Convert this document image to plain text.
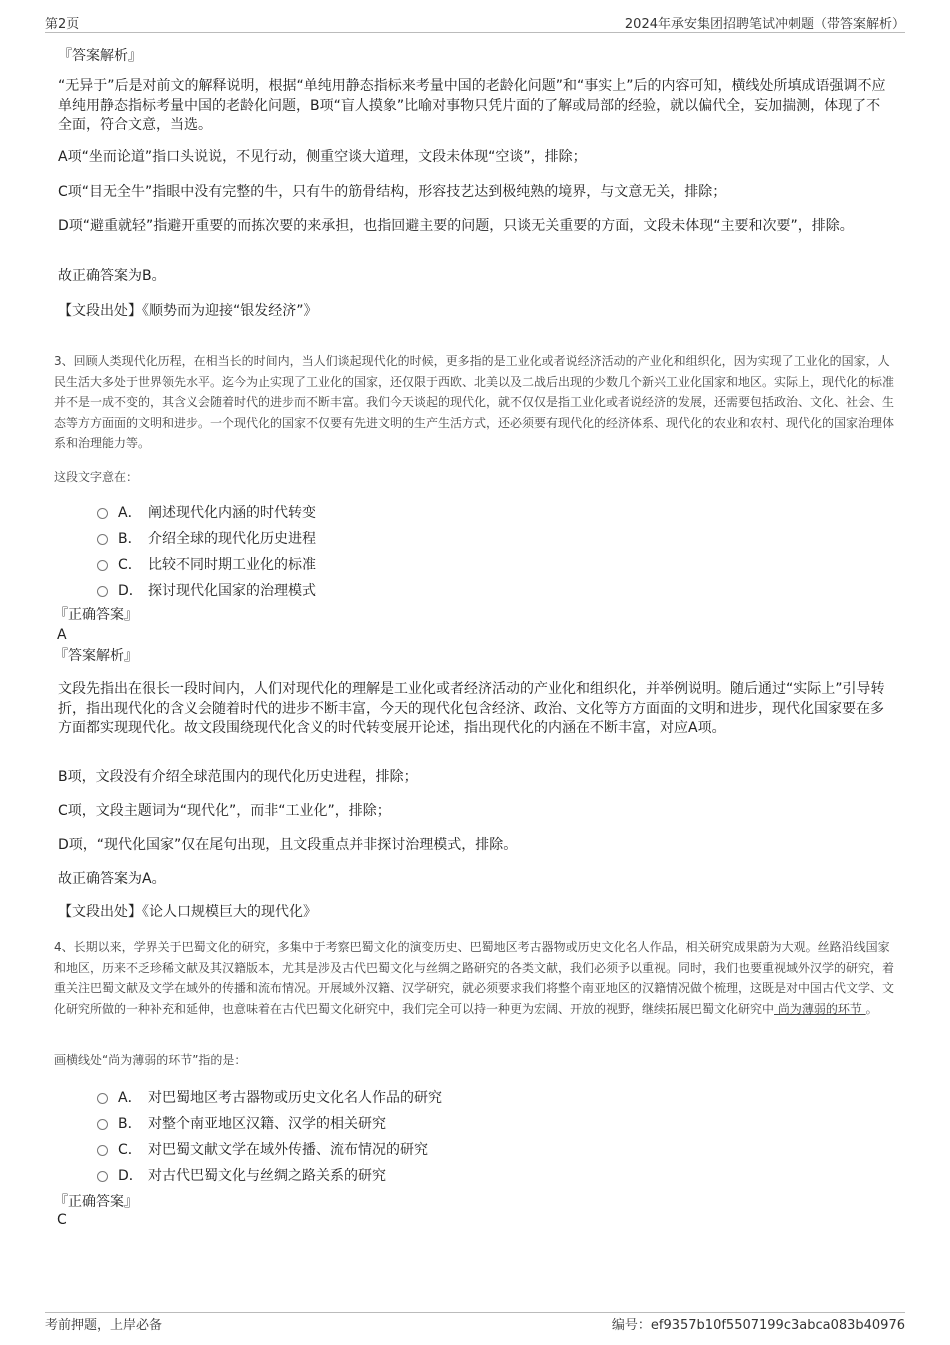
第2页	2024年承安集团招聘笔试冲刺题（带答案解析）
『答案解析』
“无异于”后是对前文的解释说明，根据“单纯用静态指标来考量中国的老龄化问题”和“事实上”后的内容可知，横线处所填成语强调不应单纯用静态指标考量中国的老龄化问题，B项“盲人摸象”比喻对事物只凭片面的了解或局部的经验，就以偏代全，妄加揣测，体现了不全面，符合文意，当选。
A项“坐而论道”指口头说说，不见行动，侧重空谈大道理，文段未体现“空谈”，排除；
C项“目无全牛”指眼中没有完整的牛，只有牛的筋骨结构，形容技艺达到极纯熟的境界，与文意无关，排除；
D项“避重就轻”指避开重要的而拣次要的来承担，也指回避主要的问题，只谈无关重要的方面，文段未体现“主要和次要”，排除。
故正确答案为B。
【文段出处】《顺势而为迎接“银发经济”》
3、回顾人类现代化历程，在相当长的时间内，当人们谈起现代化的时候，更多指的是工业化或者说经济活动的产业化和组织化，因为实现了工业化的国家，人民生活大多处于世界领先水平。迄今为止实现了工业化的国家，还仅限于西欧、北美以及二战后出现的少数几个新兴工业化国家和地区。实际上，现代化的标准并不是一成不变的，其含义会随着时代的进步而不断丰富。我们今天谈起的现代化，就不仅仅是指工业化或者说经济的发展，还需要包括政治、文化、社会、生态等方方面面的文明和进步。一个现代化的国家不仅要有先进文明的生产生活方式，还必须要有现代化的经济体系、现代化的农业和农村、现代化的国家治理体系和治理能力等。
这段文字意在：
A． 阐述现代化内涵的时代转变
B． 介绍全球的现代化历史进程
C． 比较不同时期工业化的标准
D． 探讨现代化国家的治理模式
『正确答案』
A
『答案解析』
文段先指出在很长一段时间内，人们对现代化的理解是工业化或者经济活动的产业化和组织化，并举例说明。随后通过“实际上”引导转折，指出现代化的含义会随着时代的进步不断丰富，今天的现代化包含经济、政治、文化等方方面面的文明和进步，现代化国家要在多方面都实现现代化。故文段围绕现代化含义的时代转变展开论述，指出现代化的内涵在不断丰富，对应A项。
B项，文段没有介绍全球范围内的现代化历史进程，排除；
C项，文段主题词为“现代化”，而非“工业化”，排除；
D项，“现代化国家”仅在尾句出现，且文段重点并非探讨治理模式，排除。
故正确答案为A。
【文段出处】《论人口规模巨大的现代化》
4、长期以来，学界关于巴蜀文化的研究，多集中于考察巴蜀文化的演变历史、巴蜀地区考古器物或历史文化名人作品，相关研究成果蔚为大观。丝路沿线国家和地区，历来不乏珍稀文献及其汉籍版本，尤其是涉及古代巴蜀文化与丝绸之路研究的各类文献，我们必须予以重视。同时，我们也要重视域外汉学的研究，着重关注巴蜀文献及文学在域外的传播和流布情况。开展域外汉籍、汉学研究，就必须要求我们将整个南亚地区的汉籍情况做个梳理，这既是对中国古代文学、文化研究所做的一种补充和延伸，也意味着在古代巴蜀文化研究中，我们完全可以持一种更为宏阔、开放的视野，继续拓展巴蜀文化研究中 尚为薄弱的环节 。
画横线处“尚为薄弱的环节”指的是：
A． 对巴蜀地区考古器物或历史文化名人作品的研究
B． 对整个南亚地区汉籍、汉学的相关研究
C． 对巴蜀文献文学在域外传播、流布情况的研究
D． 对古代巴蜀文化与丝绸之路关系的研究
『正确答案』
C
考前押题，上岸必备	编号：ef9357b10f5507199c3abca083b40976
